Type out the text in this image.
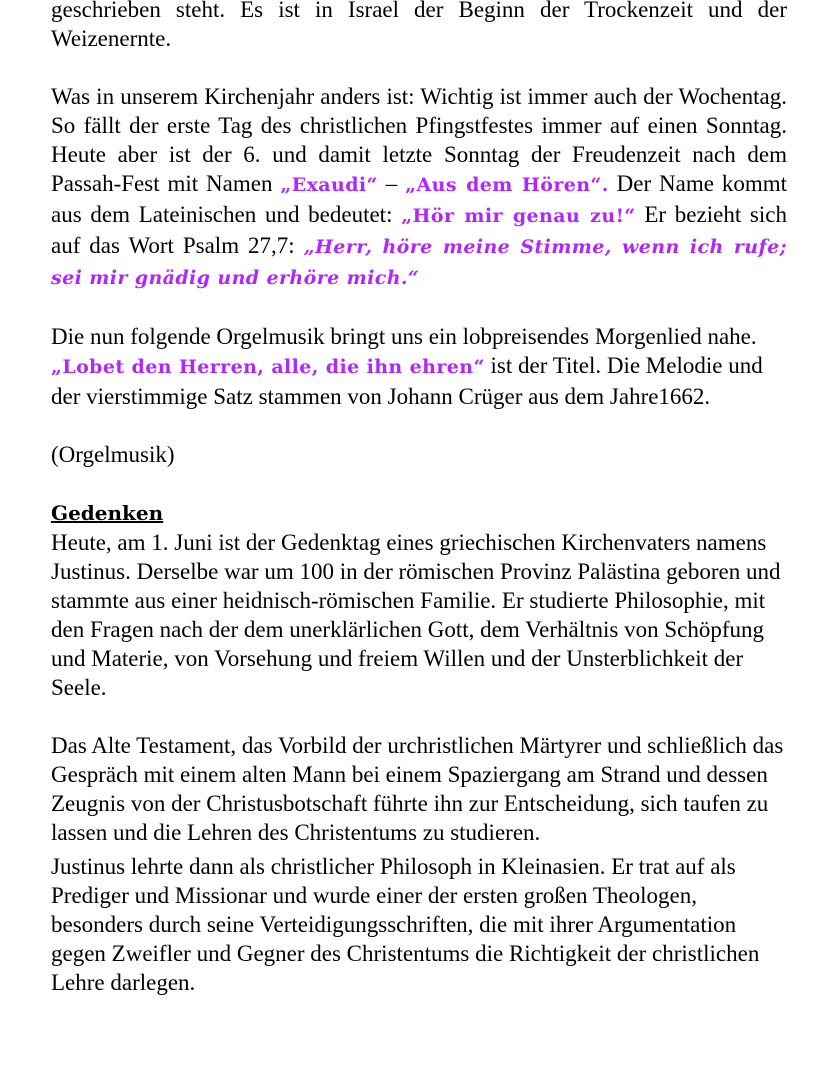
geschrieben steht. Es ist in Israel der Beginn der Trockenzeit und der Weizenernte.

Was in unserem Kirchenjahr anders ist: Wichtig ist immer auch der Wochentag. So fällt der erste Tag des christlichen Pfingstfestes immer auf einen Sonntag. Heute aber ist der 6. und damit letzte Sonntag der Freudenzeit nach dem Passah-Fest mit Namen „Exaudi“ – „Aus dem Hören“. Der Name kommt aus dem Lateinischen und bedeutet: „Hör mir genau zu!“ Er bezieht sich auf das Wort Psalm 27,7: „Herr, höre meine Stimme, wenn ich rufe; sei mir gnädig und erhöre mich.“

Die nun folgende Orgelmusik bringt uns ein lobpreisendes Morgenlied nahe. „Lobet den Herren, alle, die ihn ehren“ ist der Titel. Die Melodie und der vierstimmige Satz stammen von Johann Crüger aus dem Jahre1662.

(Orgelmusik)

Gedenken

Heute, am 1. Juni ist der Gedenktag eines griechischen Kirchenvaters namens Justinus. Derselbe war um 100 in der römischen Provinz Palästina geboren und stammte aus einer heidnisch-römischen Familie. Er studierte Philosophie, mit den Fragen nach der dem unerklärlichen Gott, dem Verhältnis von Schöpfung und Materie, von Vorsehung und freiem Willen und der Unsterblichkeit der Seele.

Das Alte Testament, das Vorbild der urchristlichen Märtyrer und schließlich das Gespräch mit einem alten Mann bei einem Spaziergang am Strand und dessen Zeugnis von der Christusbotschaft führte ihn zur Entscheidung, sich taufen zu lassen und die Lehren des Christentums zu studieren.

Justinus lehrte dann als christlicher Philosoph in Kleinasien. Er trat auf als Prediger und Missionar und wurde einer der ersten großen Theologen, besonders durch seine Verteidigungsschriften, die mit ihrer Argumentation gegen Zweifler und Gegner des Christentums die Richtigkeit der christlichen Lehre darlegen.
